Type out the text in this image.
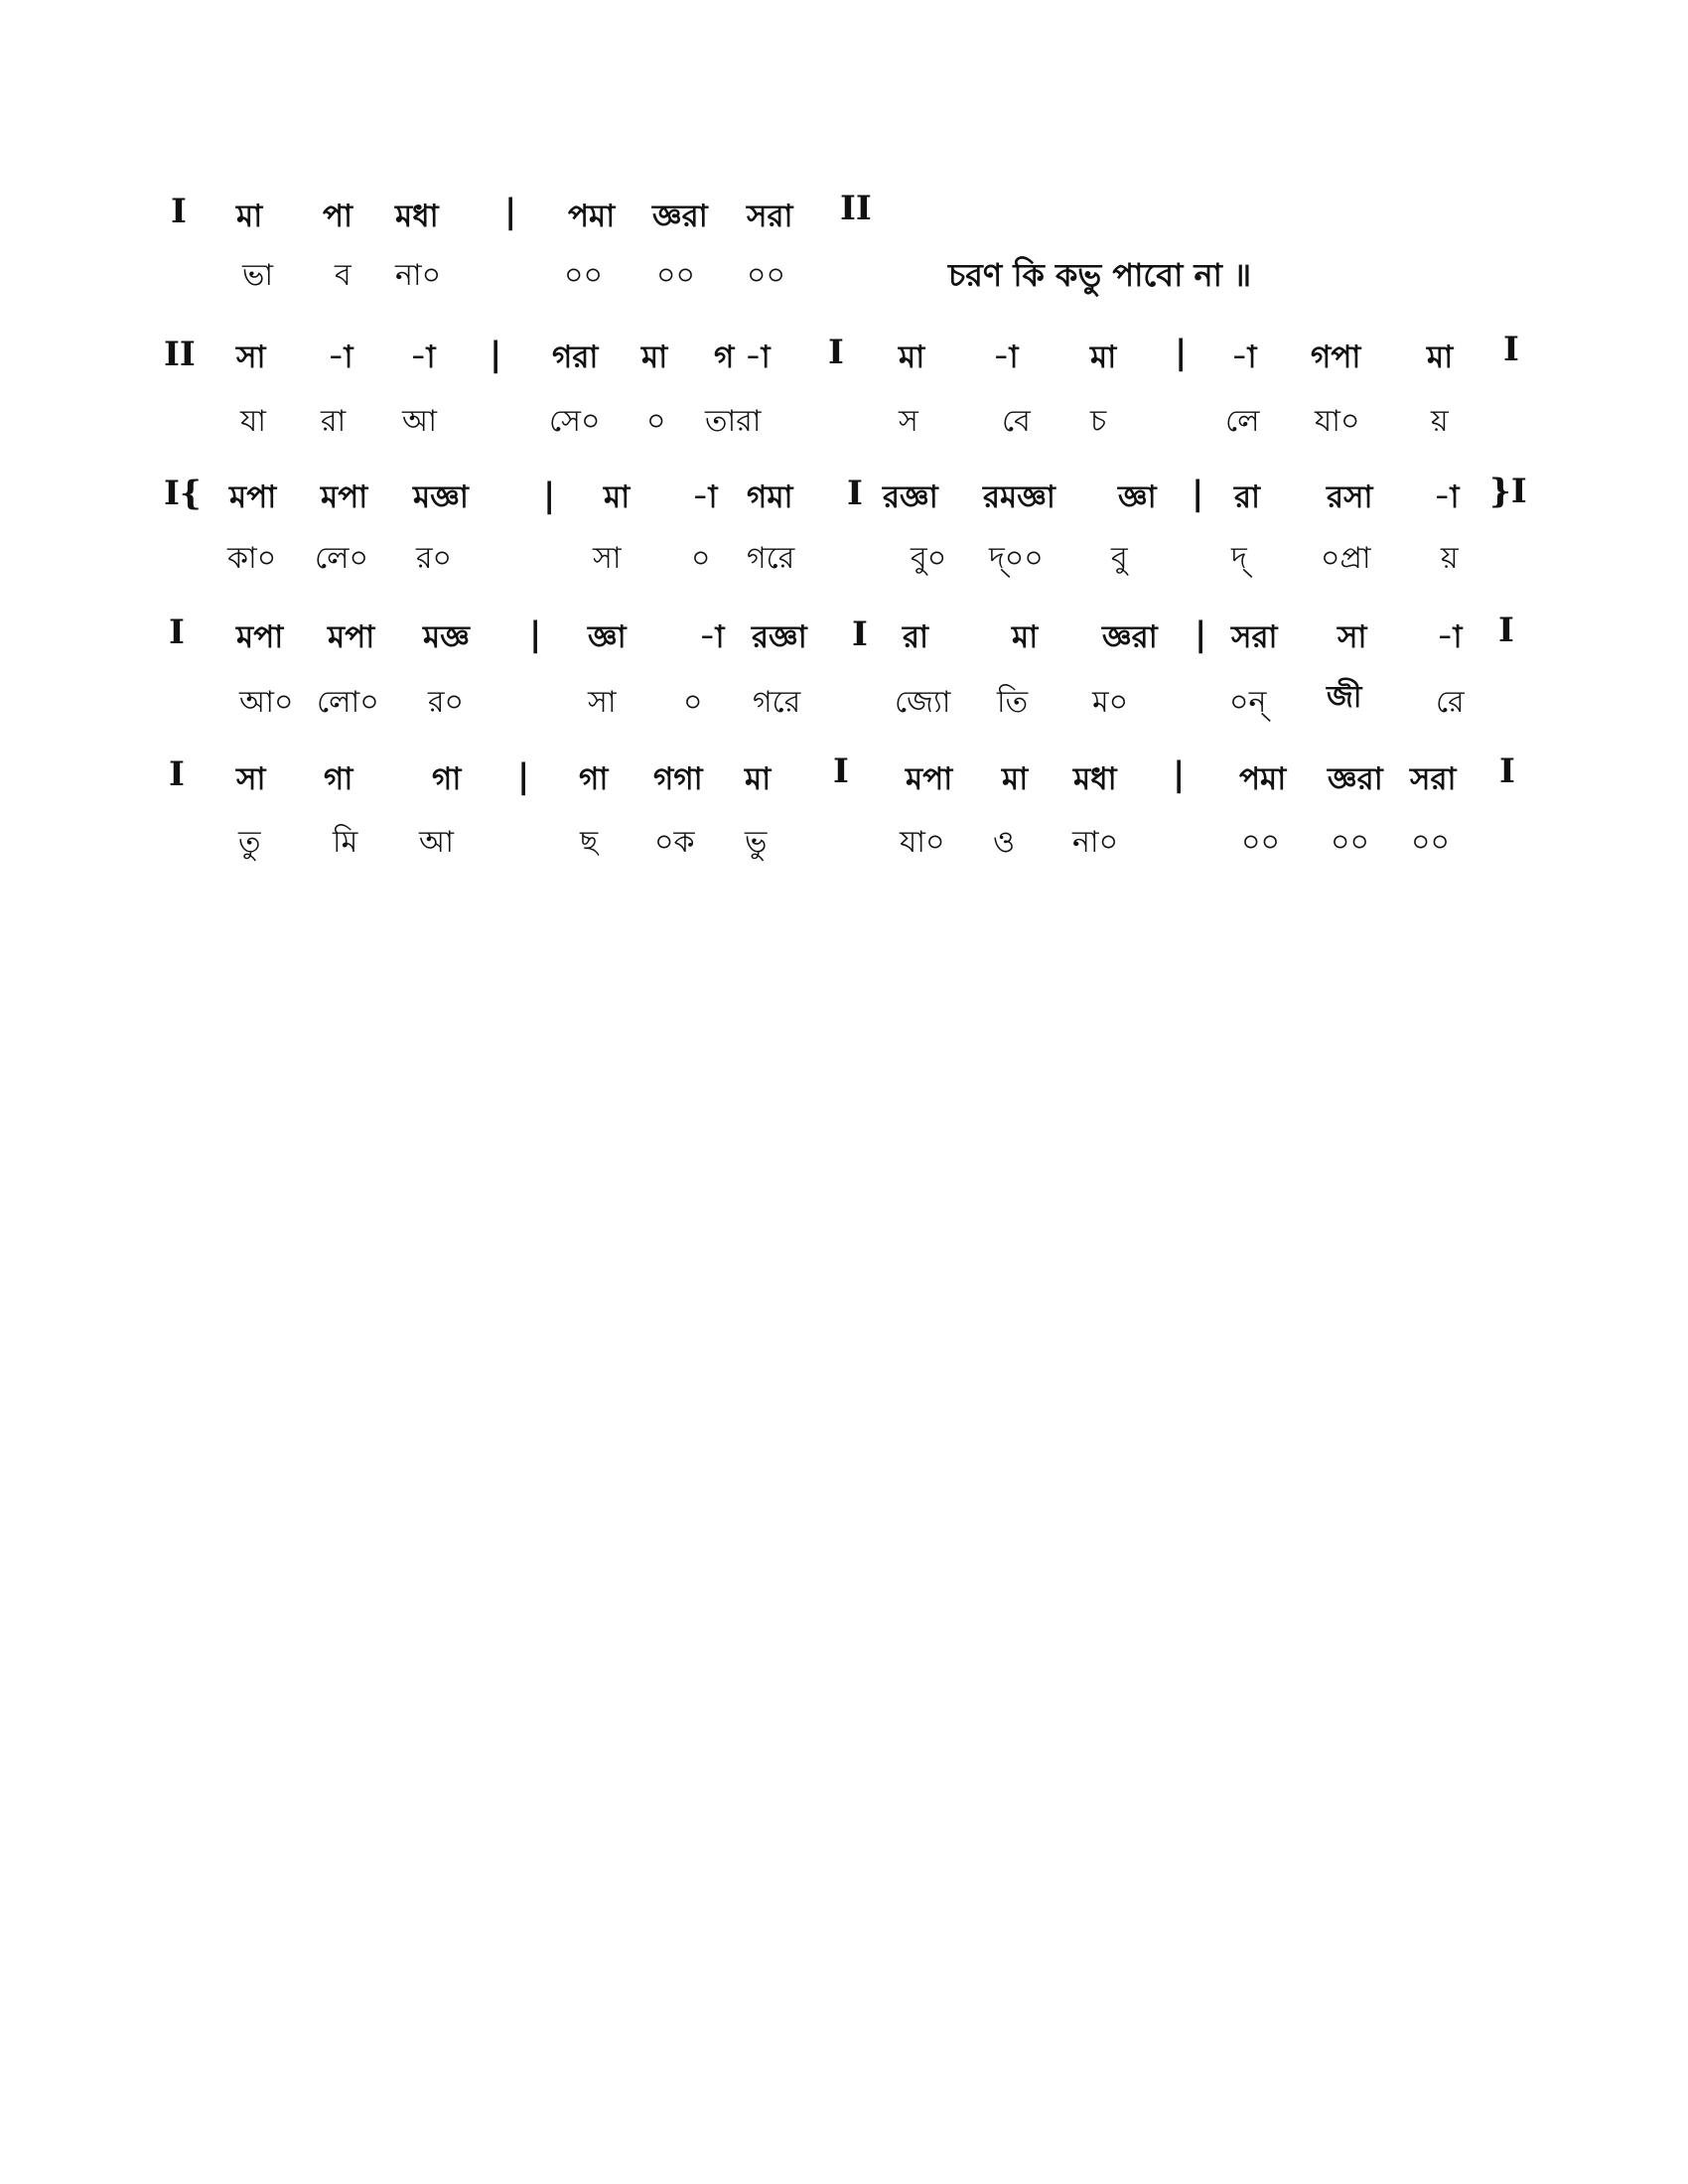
I মা পা মধা | পমা জ্ঞরা সরা II
ভা ব না০	০০ ০০ ০০	চরণ কি কভু পাবো না ॥
II সা -া -া | গরা মা গ -া I মা -া মা | -া গপা মা I
যা রা আ	সে০ ০ তারা	স	বে চ	লে যা০ য়
I{ মপা মপা মজ্ঞা | মা -া গমা I রজ্ঞা রমজ্ঞা জ্ঞা | রা রসা -া }I
কা০ লে০ র০	সা ০ গরে	বু০ দ্০০ বু	দ্ ০প্রা য়
I মপা মপা মজ্ঞ | জ্ঞা -া রজ্ঞা I রা	মা জ্ঞরা | সরা সা -া I
আ০ লো০ র০	সা ০ গরে	জ্যো তি ম০	০ন্ জী রে
I সা গা	গা | গা গগা মা I মপা মা মধা | পমা জ্ঞরা সরা I
তু মি আ	ছ ০ক ভু	যা০ ও না০	০০ ০০ ০০
